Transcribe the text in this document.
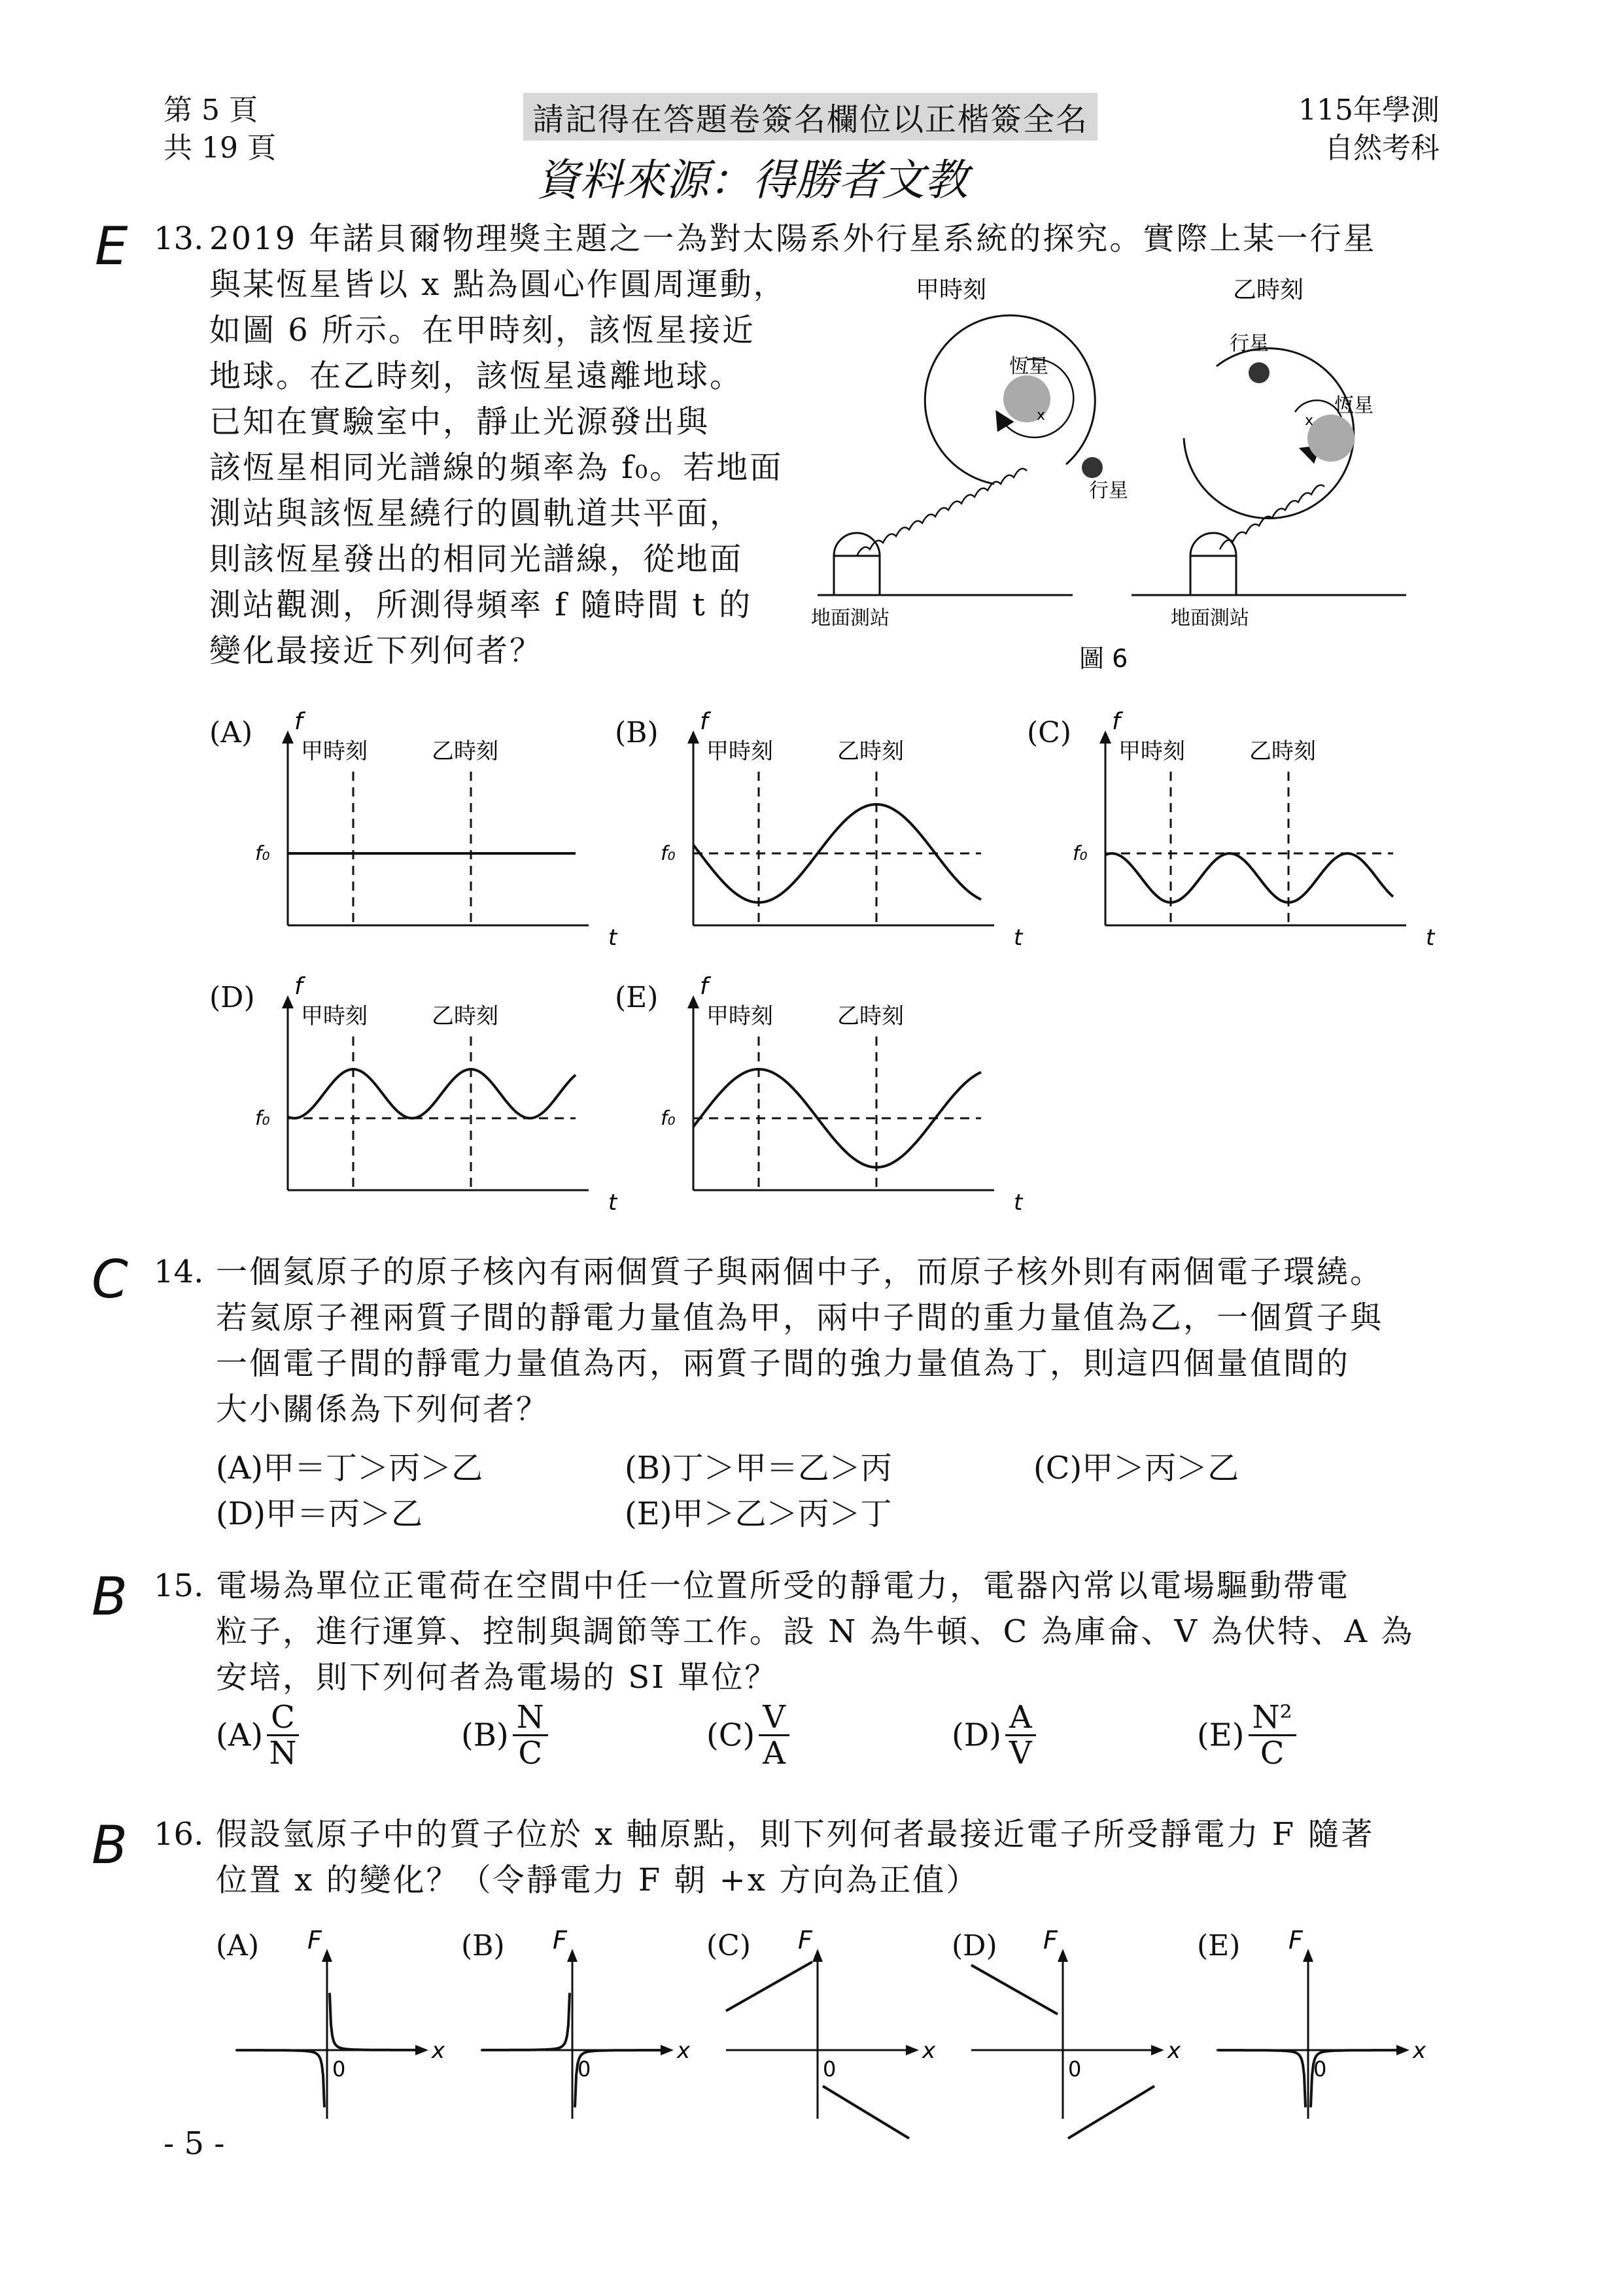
第 5 頁
共 19 頁
請記得在答題卷簽名欄位以正楷簽全名
資料來源：得勝者文教
115年學測
自然考科
E 13. 2019 年諾貝爾物理獎主題之一為對太陽系外行星系統的探究。實際上某一行星
與某恆星皆以 x 點為圓心作圓周運動，
如圖 6 所示。在甲時刻，該恆星接近
地球。在乙時刻，該恆星遠離地球。
已知在實驗室中，靜止光源發出與
該恆星相同光譜線的頻率為 f₀。若地面
測站與該恆星繞行的圓軌道共平面，
則該恆星發出的相同光譜線，從地面
測站觀測，所測得頻率 f 隨時間 t 的
變化最接近下列何者？
甲時刻
恆星
x
行星
地面測站
乙時刻
恆星
x
行星
地面測站
圖 6
(A) f
t
甲時刻	乙時刻
f₀
(B) f
t
甲時刻	乙時刻
f₀
(C) f
t
甲時刻	乙時刻
f₀
(D) f
t
甲時刻	乙時刻
f₀
(E) f
t
甲時刻	乙時刻
f₀
C 14. 一個氦原子的原子核內有兩個質子與兩個中子，而原子核外則有兩個電子環繞。
若氦原子裡兩質子間的靜電力量值為甲，兩中子間的重力量值為乙，一個質子與
一個電子間的靜電力量值為丙，兩質子間的強力量值為丁，則這四個量值間的
大小關係為下列何者？
(A)甲＝丁＞丙＞乙	(B)丁＞甲＝乙＞丙	(C)甲＞丙＞乙
(D)甲＝丙＞乙	(E)甲＞乙＞丙＞丁
B 15. 電場為單位正電荷在空間中任一位置所受的靜電力，電器內常以電場驅動帶電
粒子，進行運算、控制與調節等工作。設 N 為牛頓、C 為庫侖、V 為伏特、A 為
安培，則下列何者為電場的 SI 單位？
$(A) \frac{C}{N}$	$(B) \frac{N}{C}$	$(C) \frac{V}{A}$	$(D) \frac{A}{V}$	$(E) \frac{\text{N²}}{C}$
B 16. 假設氫原子中的質子位於 x 軸原點，則下列何者最接近電子所受靜電力 F 隨著
位置 x 的變化？（令靜電力 F 朝 +x 方向為正值）
(A) F
x
0
(B) F
x
0
(C) F
x
0
(D) F
x
0
(E) F
x
0
- 5 -
